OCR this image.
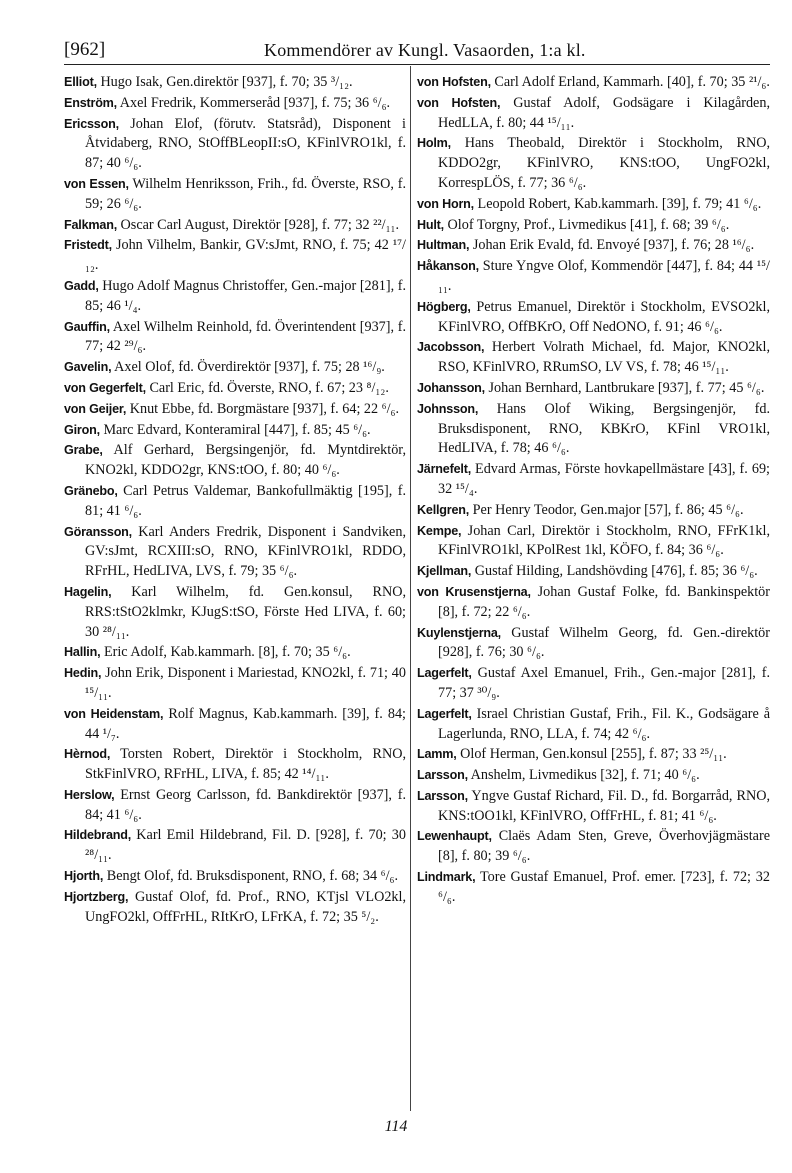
[962]	Kommendörer av Kungl. Vasaorden, 1:a kl.

Elliot, Hugo Isak, Gen.direktör [937], f. 70; 35 ³/₁₂.

Enström, Axel Fredrik, Kommerseråd [937], f. 75; 36 ⁶/₆.

Ericsson, Johan Elof, (förutv. Statsråd), Disponent i Åtvidaberg, RNO, StOffBLeopII:sO, KFinlVRO1kl, f. 87; 40 ⁶/₆.

von Essen, Wilhelm Henriksson, Frih., fd. Överste, RSO, f. 59; 26 ⁶/₆.

Falkman, Oscar Carl August, Direktör [928], f. 77; 32 ²²/₁₁.

Fristedt, John Vilhelm, Bankir, GV:sJmt, RNO, f. 75; 42 ¹⁷/₁₂.

Gadd, Hugo Adolf Magnus Christoffer, Gen.-major [281], f. 85; 46 ¹/₄.

Gauffin, Axel Wilhelm Reinhold, fd. Överintendent [937], f. 77; 42 ²⁹/₆.

Gavelin, Axel Olof, fd. Överdirektör [937], f. 75; 28 ¹⁶/₉.

von Gegerfelt, Carl Eric, fd. Överste, RNO, f. 67; 23 ⁸/₁₂.

von Geijer, Knut Ebbe, fd. Borgmästare [937], f. 64; 22 ⁶/₆.

Giron, Marc Edvard, Konteramiral [447], f. 85; 45 ⁶/₆.

Grabe, Alf Gerhard, Bergsingenjör, fd. Myntdirektör, KNO2kl, KDDO2gr, KNS:tOO, f. 80; 40 ⁶/₆.

Gränebo, Carl Petrus Valdemar, Bankofullmäktig [195], f. 81; 41 ⁶/₆.

Göransson, Karl Anders Fredrik, Disponent i Sandviken, GV:sJmt, RCXIII:sO, RNO, KFinlVRO1kl, RDDO, RFrHL, HedLIVA, LVS, f. 79; 35 ⁶/₆.

Hagelin, Karl Wilhelm, fd. Gen.konsul, RNO, RRS:tStO2klmkr, KJugS:tSO, Förste Hed LIVA, f. 60; 30 ²⁸/₁₁.

Hallin, Eric Adolf, Kab.kammarh. [8], f. 70; 35 ⁶/₆.

Hedin, John Erik, Disponent i Mariestad, KNO2kl, f. 71; 40 ¹⁵/₁₁.

von Heidenstam, Rolf Magnus, Kab.kammarh. [39], f. 84; 44 ¹/₇.

Hèrnod, Torsten Robert, Direktör i Stockholm, RNO, StkFinlVRO, RFrHL, LIVA, f. 85; 42 ¹⁴/₁₁.

Herslow, Ernst Georg Carlsson, fd. Bankdirektör [937], f. 84; 41 ⁶/₆.

Hildebrand, Karl Emil Hildebrand, Fil. D. [928], f. 70; 30 ²⁸/₁₁.

Hjorth, Bengt Olof, fd. Bruksdisponent, RNO, f. 68; 34 ⁶/₆.

Hjortzberg, Gustaf Olof, fd. Prof., RNO, KTjsl VLO2kl, UngFO2kl, OffFrHL, RItKrO, LFrKA, f. 72; 35 ⁵/₂.

von Hofsten, Carl Adolf Erland, Kammarh. [40], f. 70; 35 ²¹/₆.

von Hofsten, Gustaf Adolf, Godsägare i Kilagården, HedLLA, f. 80; 44 ¹⁵/₁₁.

Holm, Hans Theobald, Direktör i Stockholm, RNO, KDDO2gr, KFinlVRO, KNS:tOO, UngFO2kl, KorrespLÖS, f. 77; 36 ⁶/₆.

von Horn, Leopold Robert, Kab.kammarh. [39], f. 79; 41 ⁶/₆.

Hult, Olof Torgny, Prof., Livmedikus [41], f. 68; 39 ⁶/₆.

Hultman, Johan Erik Evald, fd. Envoyé [937], f. 76; 28 ¹⁶/₆.

Håkanson, Sture Yngve Olof, Kommendör [447], f. 84; 44 ¹⁵/₁₁.

Högberg, Petrus Emanuel, Direktör i Stockholm, EVSO2kl, KFinlVRO, OffBKrO, Off NedONO, f. 91; 46 ⁶/₆.

Jacobsson, Herbert Volrath Michael, fd. Major, KNO2kl, RSO, KFinlVRO, RRumSO, LV VS, f. 78; 46 ¹⁵/₁₁.

Johansson, Johan Bernhard, Lantbrukare [937], f. 77; 45 ⁶/₆.

Johnsson, Hans Olof Wiking, Bergsingenjör, fd. Bruksdisponent, RNO, KBKrO, KFinl VRO1kl, HedLIVA, f. 78; 46 ⁶/₆.

Järnefelt, Edvard Armas, Förste hovkapellmästare [43], f. 69; 32 ¹⁵/₄.

Kellgren, Per Henry Teodor, Gen.major [57], f. 86; 45 ⁶/₆.

Kempe, Johan Carl, Direktör i Stockholm, RNO, FFrK1kl, KFinlVRO1kl, KPolRest 1kl, KÖFO, f. 84; 36 ⁶/₆.

Kjellman, Gustaf Hilding, Landshövding [476], f. 85; 36 ⁶/₆.

von Krusenstjerna, Johan Gustaf Folke, fd. Bankinspektör [8], f. 72; 22 ⁶/₆.

Kuylenstjerna, Gustaf Wilhelm Georg, fd. Gen.-direktör [928], f. 76; 30 ⁶/₆.

Lagerfelt, Gustaf Axel Emanuel, Frih., Gen.-major [281], f. 77; 37 ³⁰/₉.

Lagerfelt, Israel Christian Gustaf, Frih., Fil. K., Godsägare å Lagerlunda, RNO, LLA, f. 74; 42 ⁶/₆.

Lamm, Olof Herman, Gen.konsul [255], f. 87; 33 ²⁵/₁₁.

Larsson, Anshelm, Livmedikus [32], f. 71; 40 ⁶/₆.

Larsson, Yngve Gustaf Richard, Fil. D., fd. Borgarråd, RNO, KNS:tOO1kl, KFinlVRO, OffFrHL, f. 81; 41 ⁶/₆.

Lewenhaupt, Claës Adam Sten, Greve, Överhovjägmästare [8], f. 80; 39 ⁶/₆.

Lindmark, Tore Gustaf Emanuel, Prof. emer. [723], f. 72; 32 ⁶/₆.

114
